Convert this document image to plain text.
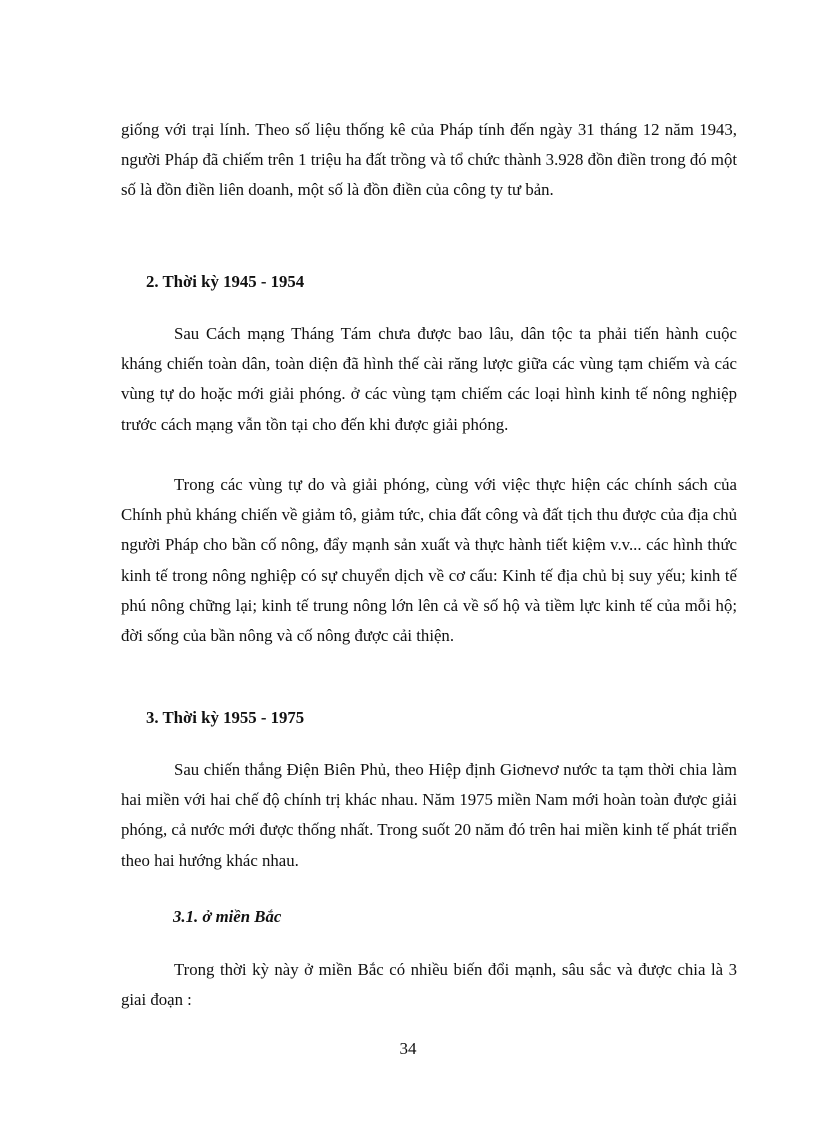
giống với trại lính. Theo số liệu thống kê của Pháp tính đến ngày 31 tháng 12 năm 1943, người Pháp đã chiếm trên 1 triệu ha đất trồng và tổ chức thành 3.928 đồn điền trong đó một số là đồn điền liên doanh, một số là đồn điền của công ty tư bản.

2. Thời kỳ 1945 - 1954

Sau Cách mạng Tháng Tám chưa được bao lâu, dân tộc ta phải tiến hành cuộc kháng chiến toàn dân, toàn diện đã hình thế cài răng lược giữa các vùng tạm chiếm và các vùng tự do hoặc mới giải phóng. ở các vùng tạm chiếm các loại hình kinh tế nông nghiệp trước cách mạng vẫn tồn tại cho đến khi được giải phóng.

Trong các vùng tự do và giải phóng, cùng với việc thực hiện các chính sách của Chính phủ kháng chiến về giảm tô, giảm tức, chia đất công và đất tịch thu được của địa chủ người Pháp cho bần cố nông, đẩy mạnh sản xuất và thực hành tiết kiệm v.v... các hình thức kinh tế trong nông nghiệp có sự chuyển dịch về cơ cấu: Kinh tế địa chủ bị suy yếu; kinh tế phú nông chững lại; kinh tế trung nông lớn lên cả về số hộ và tiềm lực kinh tế của mỗi hộ; đời sống của bần nông và cố nông được cải thiện.

3. Thời kỳ 1955 - 1975

Sau chiến thắng Điện Biên Phủ, theo Hiệp định Giơnevơ nước ta tạm thời chia làm hai miền với hai chế độ chính trị khác nhau. Năm 1975 miền Nam mới hoàn toàn được giải phóng, cả nước mới được thống nhất. Trong suốt 20 năm đó trên hai miền kinh tế phát triển theo hai hướng khác nhau.

3.1. ở miền Bắc

Trong thời kỳ này ở miền Bắc có nhiều biến đổi mạnh, sâu sắc và được chia là 3 giai đoạn :

34
